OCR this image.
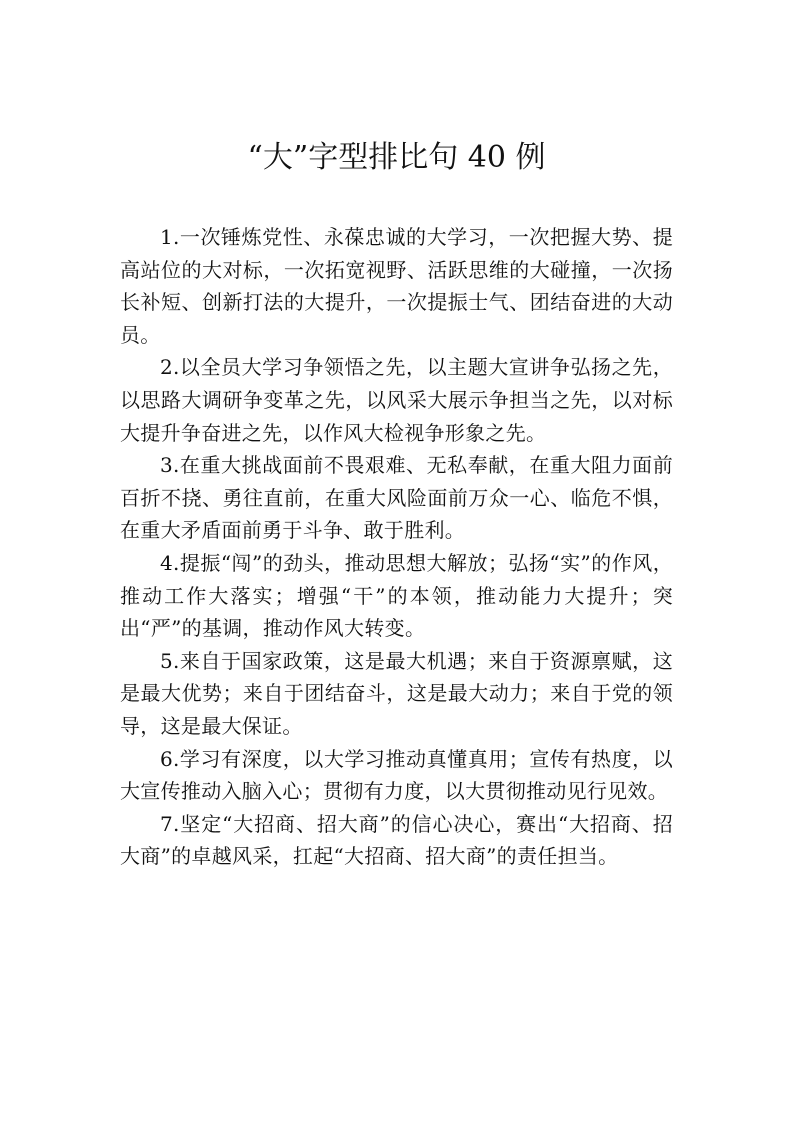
“大”字型排比句 40 例

1.一次锤炼党性、永葆忠诚的大学习，一次把握大势、提高站位的大对标，一次拓宽视野、活跃思维的大碰撞，一次扬长补短、创新打法的大提升，一次提振士气、团结奋进的大动员。

2.以全员大学习争领悟之先，以主题大宣讲争弘扬之先，以思路大调研争变革之先，以风采大展示争担当之先，以对标大提升争奋进之先，以作风大检视争形象之先。

3.在重大挑战面前不畏艰难、无私奉献，在重大阻力面前百折不挠、勇往直前，在重大风险面前万众一心、临危不惧，在重大矛盾面前勇于斗争、敢于胜利。

4.提振“闯”的劲头，推动思想大解放；弘扬“实”的作风，推动工作大落实；增强“干”的本领，推动能力大提升；突出“严”的基调，推动作风大转变。

5.来自于国家政策，这是最大机遇；来自于资源禀赋，这是最大优势；来自于团结奋斗，这是最大动力；来自于党的领导，这是最大保证。

6.学习有深度，以大学习推动真懂真用；宣传有热度，以大宣传推动入脑入心；贯彻有力度，以大贯彻推动见行见效。

7.坚定“大招商、招大商”的信心决心，赛出“大招商、招大商”的卓越风采，扛起“大招商、招大商”的责任担当。
